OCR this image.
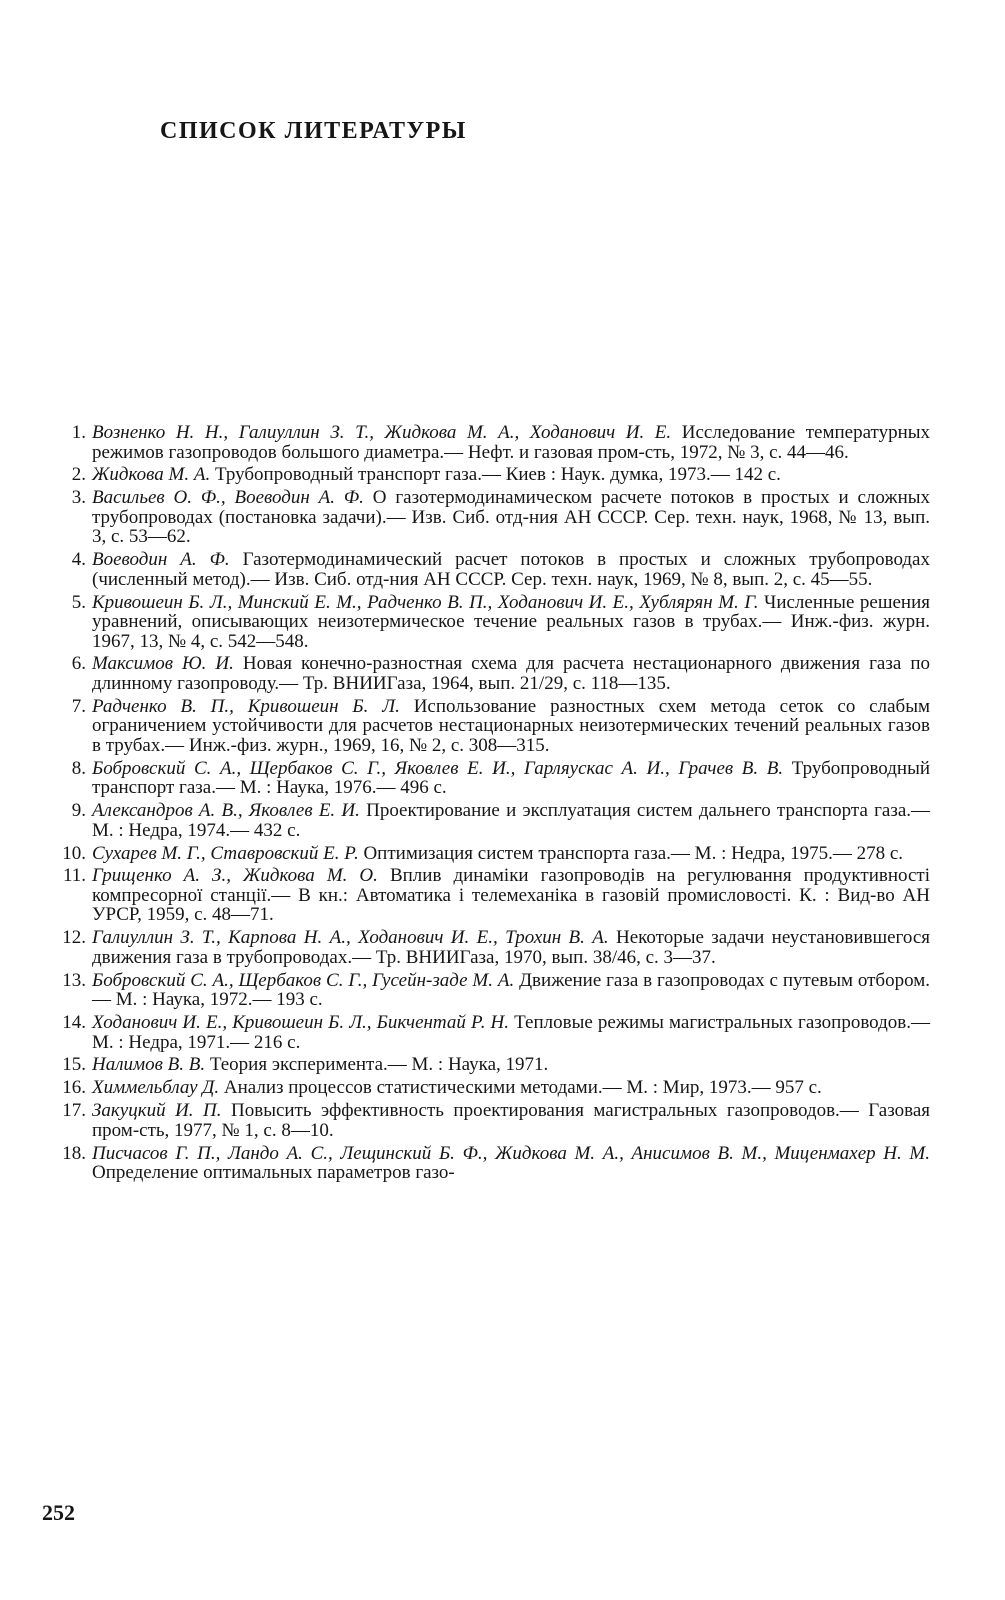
СПИСОК ЛИТЕРАТУРЫ
1. Возненко Н. Н., Галиуллин З. Т., Жидкова М. А., Ходанович И. Е. Исследование температурных режимов газопроводов большого диаметра.— Нефт. и газовая пром-сть, 1972, № 3, с. 44—46.
2. Жидкова М. А. Трубопроводный транспорт газа.— Киев : Наук. думка, 1973.— 142 с.
3. Васильев О. Ф., Воеводин А. Ф. О газотермодинамическом расчете потоков в простых и сложных трубопроводах (постановка задачи).— Изв. Сиб. отд-ния АН СССР. Сер. техн. наук, 1968, № 13, вып. 3, с. 53—62.
4. Воеводин А. Ф. Газотермодинамический расчет потоков в простых и сложных трубопроводах (численный метод).— Изв. Сиб. отд-ния АН СССР. Сер. техн. наук, 1969, № 8, вып. 2, с. 45—55.
5. Кривошеин Б. Л., Минский Е. М., Радченко В. П., Ходанович И. Е., Хублярян М. Г. Численные решения уравнений, описывающих неизотермическое течение реальных газов в трубах.— Инж.-физ. журн. 1967, 13, № 4, с. 542—548.
6. Максимов Ю. И. Новая конечно-разностная схема для расчета нестационарного движения газа по длинному газопроводу.— Тр. ВНИИГаза, 1964, вып. 21/29, с. 118—135.
7. Радченко В. П., Кривошеин Б. Л. Использование разностных схем метода сеток со слабым ограничением устойчивости для расчетов нестационарных неизотермических течений реальных газов в трубах.— Инж.-физ. журн., 1969, 16, № 2, с. 308—315.
8. Бобровский С. А., Щербаков С. Г., Яковлев Е. И., Гарляускас А. И., Грачев В. В. Трубопроводный транспорт газа.— М. : Наука, 1976.— 496 с.
9. Александров А. В., Яковлев Е. И. Проектирование и эксплуатация систем дальнего транспорта газа.— М. : Недра, 1974.— 432 с.
10. Сухарев М. Г., Ставровский Е. Р. Оптимизация систем транспорта газа.— М. : Недра, 1975.— 278 с.
11. Грищенко А. З., Жидкова М. О. Вплив динаміки газопроводів на регулювання продуктивності компресорної станції.— В кн.: Автоматика і телемеханіка в газовій промисловості. К. : Вид-во АН УРСР, 1959, с. 48—71.
12. Галиуллин З. Т., Карпова Н. А., Ходанович И. Е., Трохин В. А. Некоторые задачи неустановившегося движения газа в трубопроводах.— Тр. ВНИИГаза, 1970, вып. 38/46, с. 3—37.
13. Бобровский С. А., Щербаков С. Г., Гусейн-заде М. А. Движение газа в газопроводах с путевым отбором.— М. : Наука, 1972.— 193 с.
14. Ходанович И. Е., Кривошеин Б. Л., Бикчентай Р. Н. Тепловые режимы магистральных газопроводов.— М. : Недра, 1971.— 216 с.
15. Налимов В. В. Теория эксперимента.— М. : Наука, 1971.
16. Химмельблау Д. Анализ процессов статистическими методами.— М. : Мир, 1973.— 957 с.
17. Закуцкий И. П. Повысить эффективность проектирования магистральных газопроводов.— Газовая пром-сть, 1977, № 1, с. 8—10.
18. Писчасов Г. П., Ландо А. С., Лещинский Б. Ф., Жидкова М. А., Анисимов В. М., Миценмахер Н. М. Определение оптимальных параметров газо-
252
